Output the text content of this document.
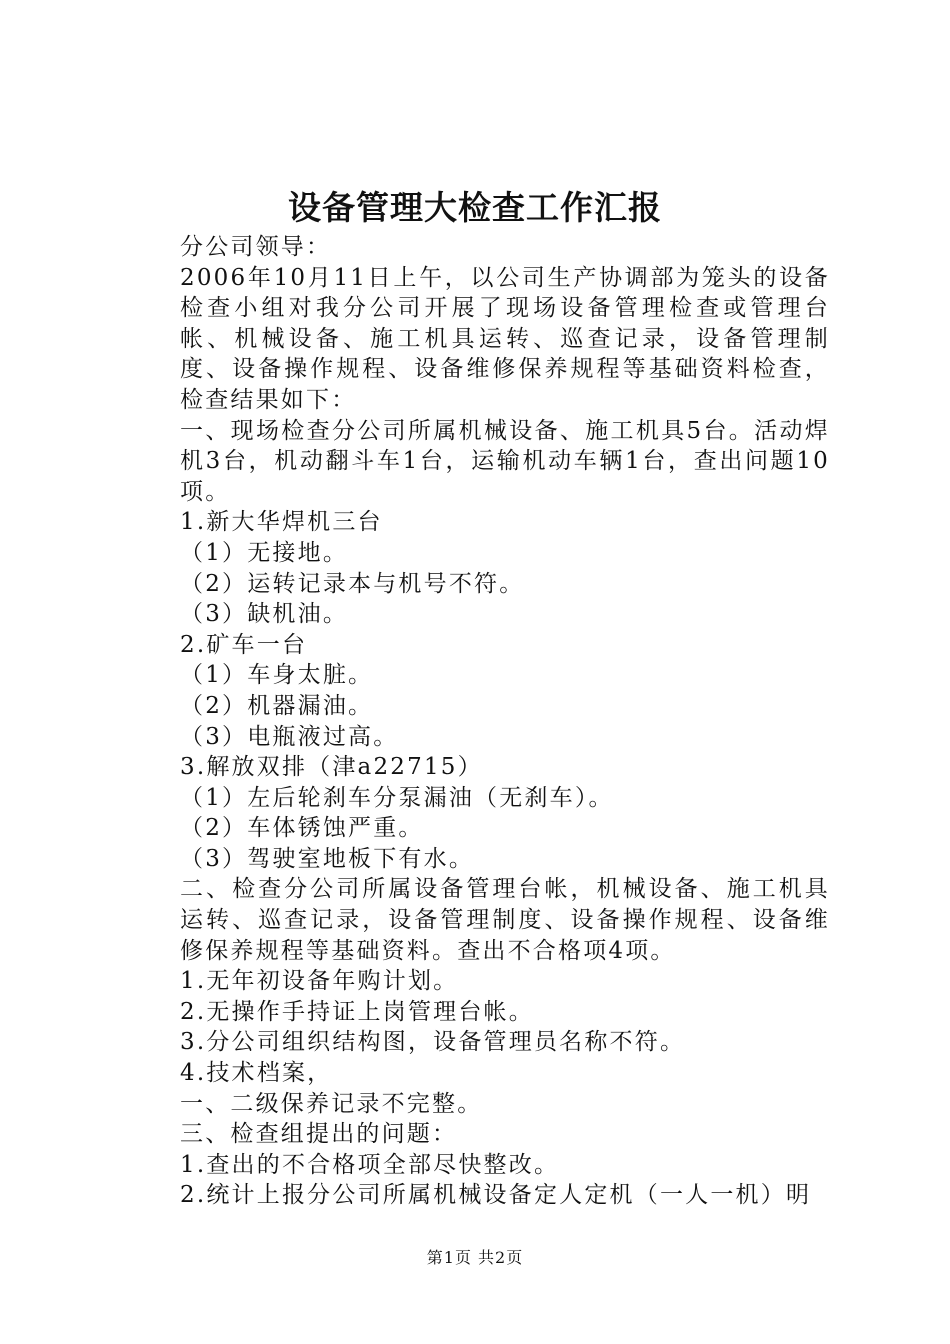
设备管理大检查工作汇报

分公司领导：

2006年10月11日上午，以公司生产协调部为笼头的设备检查小组对我分公司开展了现场设备管理检查或管理台帐、机械设备、施工机具运转、巡查记录，设备管理制度、设备操作规程、设备维修保养规程等基础资料检查，检查结果如下：

一、现场检查分公司所属机械设备、施工机具5台。活动焊机3台，机动翻斗车1台，运输机动车辆1台，查出问题10项。

1.新大华焊机三台

（1）无接地。

（2）运转记录本与机号不符。

（3）缺机油。

2.矿车一台

（1）车身太脏。

（2）机器漏油。

（3）电瓶液过高。

3.解放双排（津a22715）

（1）左后轮刹车分泵漏油（无刹车）。

（2）车体锈蚀严重。

（3）驾驶室地板下有水。

二、检查分公司所属设备管理台帐，机械设备、施工机具运转、巡查记录，设备管理制度、设备操作规程、设备维修保养规程等基础资料。查出不合格项4项。

1.无年初设备年购计划。

2.无操作手持证上岗管理台帐。

3.分公司组织结构图，设备管理员名称不符。

4.技术档案，

一、二级保养记录不完整。

三、检查组提出的问题：

1.查出的不合格项全部尽快整改。

2.统计上报分公司所属机械设备定人定机（一人一机）明

第1页 共2页
